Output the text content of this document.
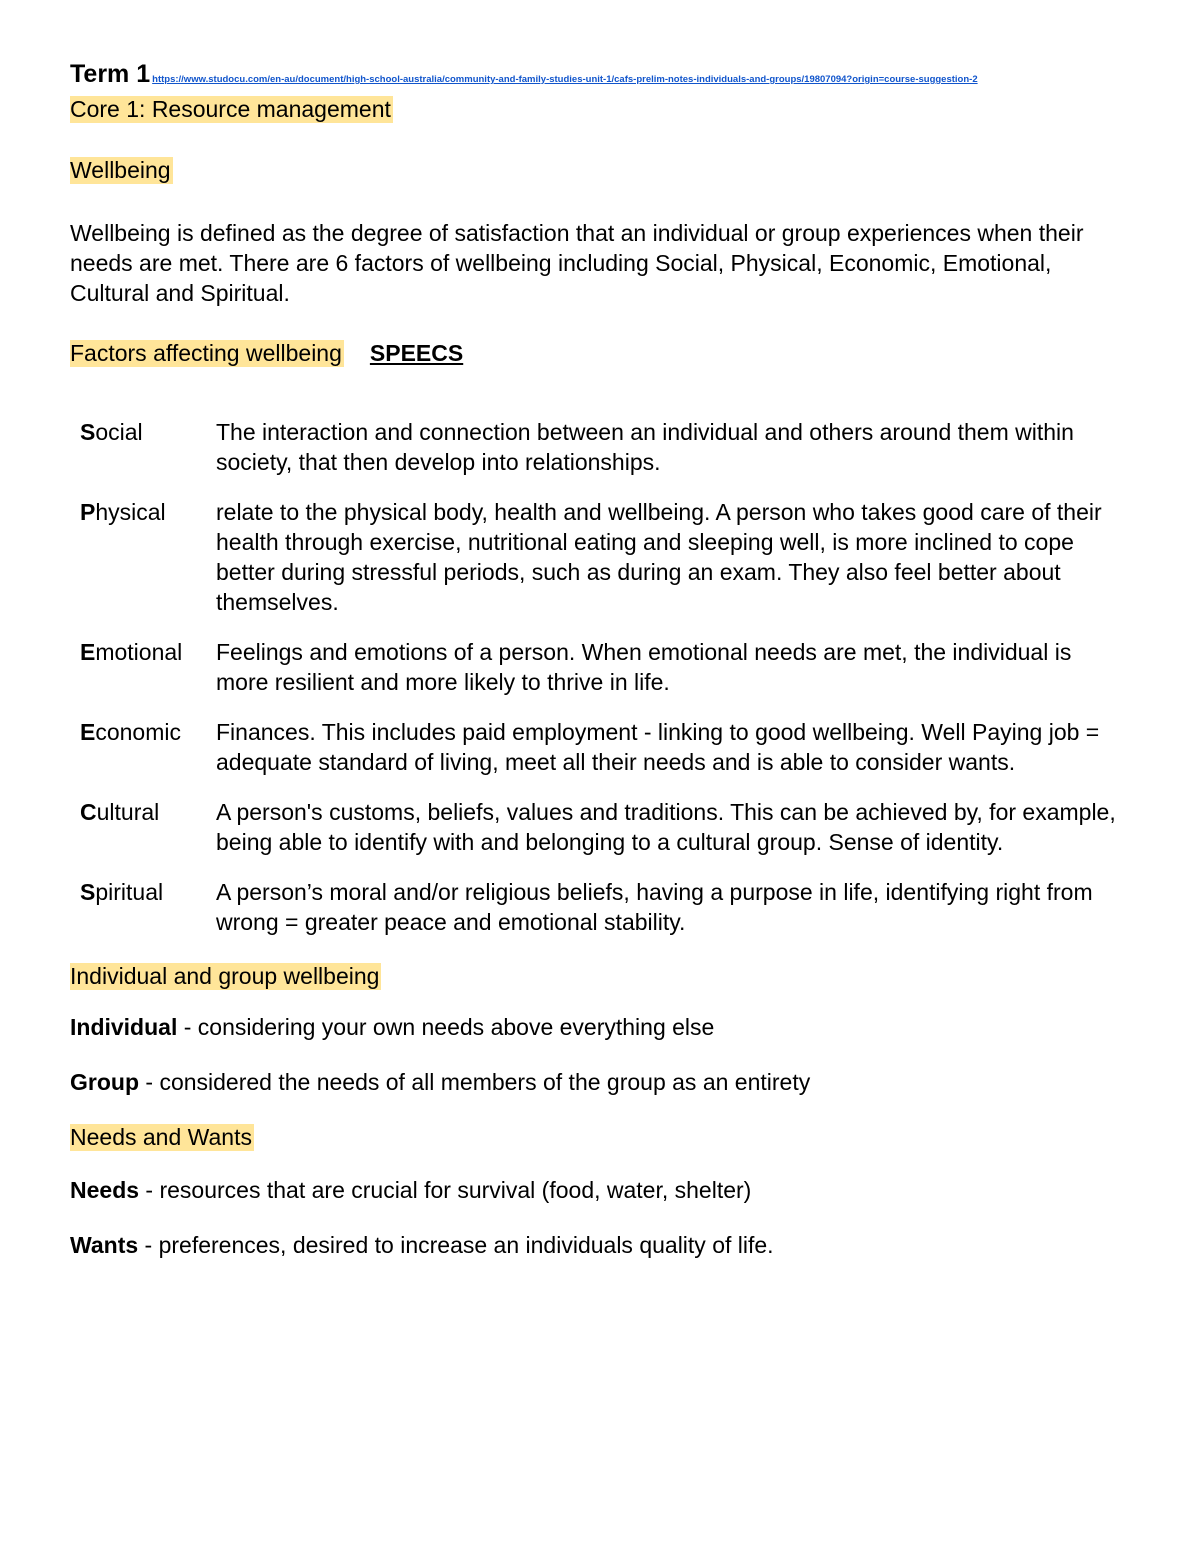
Term 1 https://www.studocu.com/en-au/document/high-school-australia/community-and-family-studies-unit-1/cafs-prelim-notes-individuals-and-groups/19807094?origin=course-suggestion-2
Core 1: Resource management
Wellbeing

Wellbeing is defined as the degree of satisfaction that an individual or group experiences when their needs are met. There are 6 factors of wellbeing including Social, Physical, Economic, Emotional, Cultural and Spiritual.

Factors affecting wellbeing SPEECS
Social	The interaction and connection between an individual and others around them within society, that then develop into relationships.
Physical	relate to the physical body, health and wellbeing. A person who takes good care of their health through exercise, nutritional eating and sleeping well, is more inclined to cope better during stressful periods, such as during an exam. They also feel better about themselves.
Emotional	Feelings and emotions of a person. When emotional needs are met, the individual is more resilient and more likely to thrive in life.
Economic	Finances. This includes paid employment - linking to good wellbeing. Well Paying job = adequate standard of living, meet all their needs and is able to consider wants.
Cultural	A person's customs, beliefs, values and traditions. This can be achieved by, for example, being able to identify with and belonging to a cultural group. Sense of identity.
Spiritual	A person’s moral and/or religious beliefs, having a purpose in life, identifying right from wrong = greater peace and emotional stability.
Individual and group wellbeing

Individual - considering your own needs above everything else

Group - considered the needs of all members of the group as an entirety

Needs and Wants

Needs - resources that are crucial for survival (food, water, shelter)

Wants - preferences, desired to increase an individuals quality of life.
